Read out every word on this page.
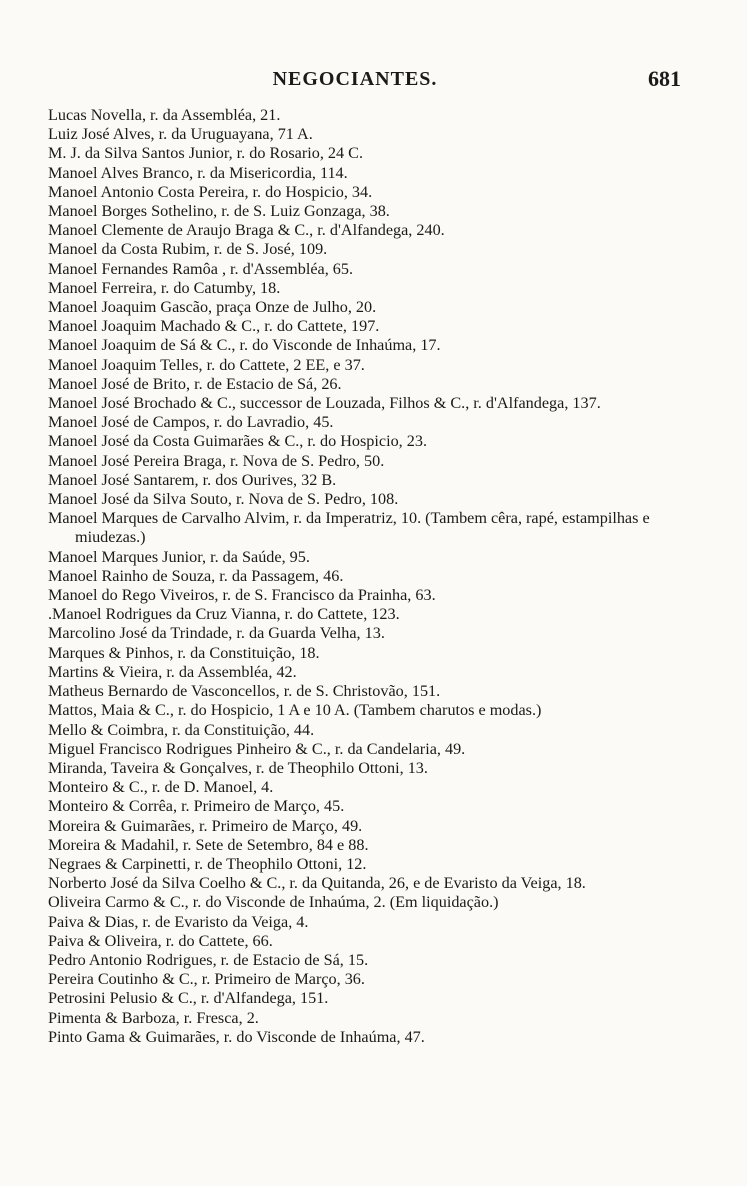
NEGOCIANTES.	681

Lucas Novella, r. da Assembléa, 21.

Luiz José Alves, r. da Uruguayana, 71 A.

M. J. da Silva Santos Junior, r. do Rosario, 24 C.

Manoel Alves Branco, r. da Misericordia, 114.

Manoel Antonio Costa Pereira, r. do Hospicio, 34.

Manoel Borges Sothelino, r. de S. Luiz Gonzaga, 38.

Manoel Clemente de Araujo Braga & C., r. d'Alfandega, 240.

Manoel da Costa Rubim, r. de S. José, 109.

Manoel Fernandes Ramôa , r. d'Assembléa, 65.

Manoel Ferreira, r. do Catumby, 18.

Manoel Joaquim Gascão, praça Onze de Julho, 20.

Manoel Joaquim Machado & C., r. do Cattete, 197.

Manoel Joaquim de Sá & C., r. do Visconde de Inhaúma, 17.

Manoel Joaquim Telles, r. do Cattete, 2 EE, e 37.

Manoel José de Brito, r. de Estacio de Sá, 26.

Manoel José Brochado & C., successor de Louzada, Filhos & C., r. d'Alfandega, 137.

Manoel José de Campos, r. do Lavradio, 45.

Manoel José da Costa Guimarães & C., r. do Hospicio, 23.

Manoel José Pereira Braga, r. Nova de S. Pedro, 50.

Manoel José Santarem, r. dos Ourives, 32 B.

Manoel José da Silva Souto, r. Nova de S. Pedro, 108.

Manoel Marques de Carvalho Alvim, r. da Imperatriz, 10. (Tambem cêra, rapé, estampilhas e miudezas.)

Manoel Marques Junior, r. da Saúde, 95.

Manoel Rainho de Souza, r. da Passagem, 46.

Manoel do Rego Viveiros, r. de S. Francisco da Prainha, 63.

.Manoel Rodrigues da Cruz Vianna, r. do Cattete, 123.

Marcolino José da Trindade, r. da Guarda Velha, 13.

Marques & Pinhos, r. da Constituição, 18.

Martins & Vieira, r. da Assembléa, 42.

Matheus Bernardo de Vasconcellos, r. de S. Christovão, 151.

Mattos, Maia & C., r. do Hospicio, 1 A e 10 A. (Tambem charutos e modas.)

Mello & Coimbra, r. da Constituição, 44.

Miguel Francisco Rodrigues Pinheiro & C., r. da Candelaria, 49.

Miranda, Taveira & Gonçalves, r. de Theophilo Ottoni, 13.

Monteiro & C., r. de D. Manoel, 4.

Monteiro & Corrêa, r. Primeiro de Março, 45.

Moreira & Guimarães, r. Primeiro de Março, 49.

Moreira & Madahil, r. Sete de Setembro, 84 e 88.

Negraes & Carpinetti, r. de Theophilo Ottoni, 12.

Norberto José da Silva Coelho & C., r. da Quitanda, 26, e de Evaristo da Veiga, 18.

Oliveira Carmo & C., r. do Visconde de Inhaúma, 2. (Em liquidação.)

Paiva & Dias, r. de Evaristo da Veiga, 4.

Paiva & Oliveira, r. do Cattete, 66.

Pedro Antonio Rodrigues, r. de Estacio de Sá, 15.

Pereira Coutinho & C., r. Primeiro de Março, 36.

Petrosini Pelusio & C., r. d'Alfandega, 151.

Pimenta & Barboza, r. Fresca, 2.

Pinto Gama & Guimarães, r. do Visconde de Inhaúma, 47.
